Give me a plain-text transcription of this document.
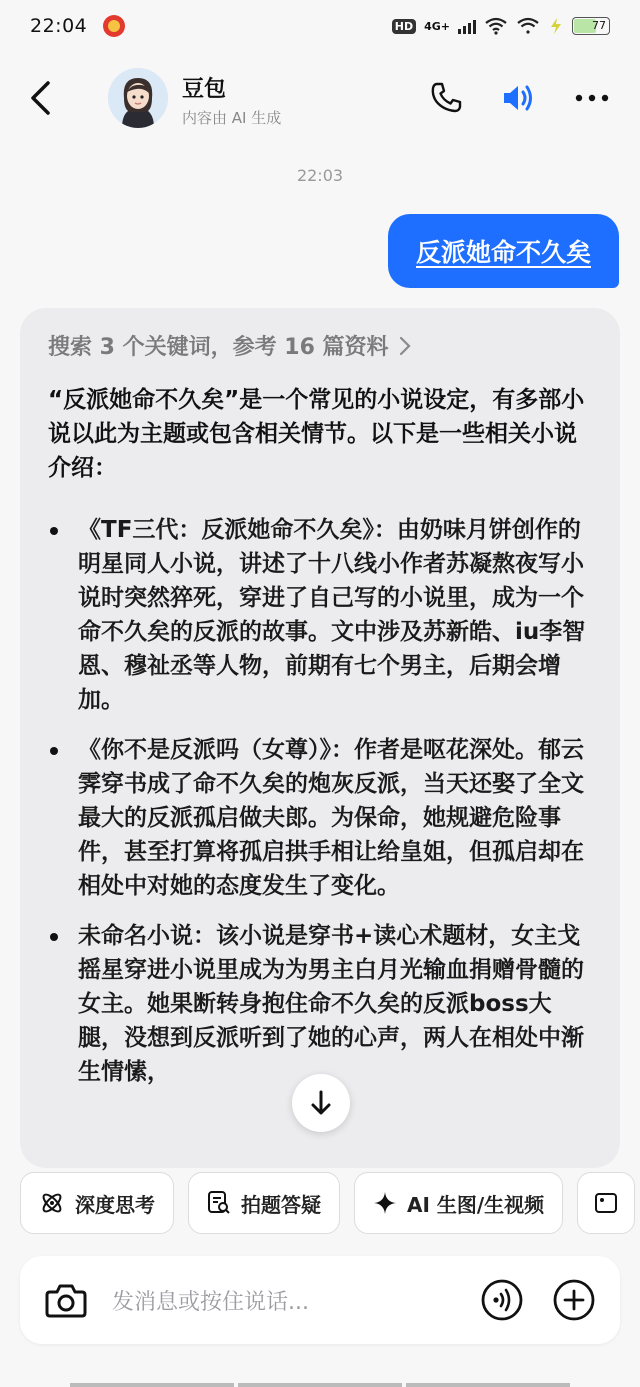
22:04	HD 4G+	77
豆包
内容由 AI 生成
22:03
反派她命不久矣
搜索 3 个关键词，参考 16 篇资料

“反派她命不久矣”是一个常见的小说设定，有多部小说以此为主题或包含相关情节。以下是一些相关小说介绍：

《TF三代：反派她命不久矣》：由奶味月饼创作的明星同人小说，讲述了十八线小作者苏凝熬夜写小说时突然猝死，穿进了自己写的小说里，成为一个命不久矣的反派的故事。文中涉及苏新皓、iu李智恩、穆祉丞等人物，前期有七个男主，后期会增加。
《你不是反派吗（女尊）》：作者是呕花深处。郁云霁穿书成了命不久矣的炮灰反派，当天还娶了全文最大的反派孤启做夫郎。为保命，她规避危险事件，甚至打算将孤启拱手相让给皇姐，但孤启却在相处中对她的态度发生了变化。
未命名小说：该小说是穿书+读心术题材，女主戈摇星穿进小说里成为为男主白月光输血捐赠骨髓的女主。她果断转身抱住命不久矣的反派boss大腿，没想到反派听到了她的心声，两人在相处中渐生情愫，
深度思考	拍题答疑	AI 生图/生视频
发消息或按住说话...
